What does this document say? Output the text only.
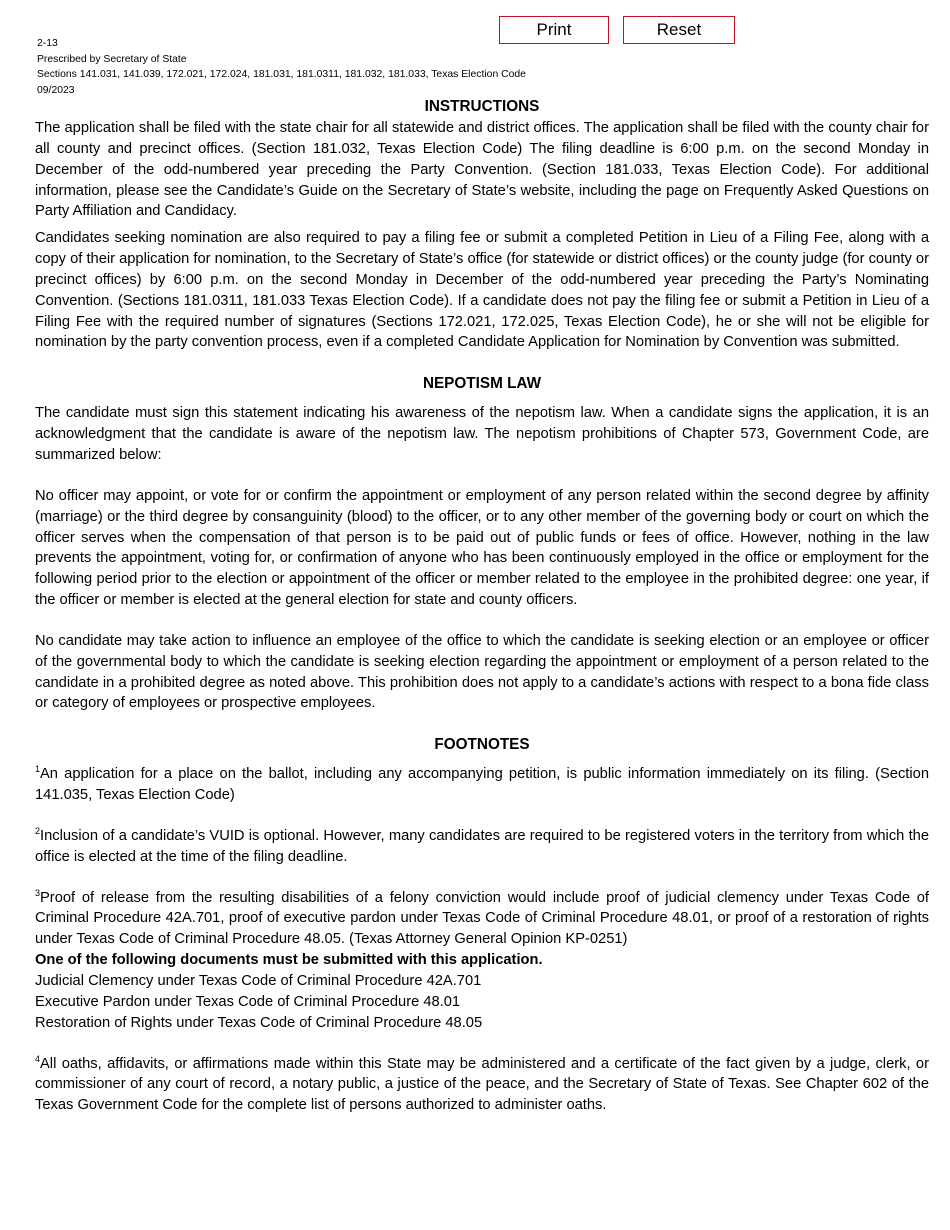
2-13
Prescribed by Secretary of State
Sections 141.031, 141.039, 172.021, 172.024, 181.031, 181.0311, 181.032, 181.033, Texas Election Code
09/2023
Print	Reset
INSTRUCTIONS

The application shall be filed with the state chair for all statewide and district offices. The application shall be filed with the county chair for all county and precinct offices. (Section 181.032, Texas Election Code) The filing deadline is 6:00 p.m. on the second Monday in December of the odd-numbered year preceding the Party Convention. (Section 181.033, Texas Election Code). For additional information, please see the Candidate’s Guide on the Secretary of State’s website, including the page on Frequently Asked Questions on Party Affiliation and Candidacy.

Candidates seeking nomination are also required to pay a filing fee or submit a completed Petition in Lieu of a Filing Fee, along with a copy of their application for nomination, to the Secretary of State’s office (for statewide or district offices) or the county judge (for county or precinct offices) by 6:00 p.m. on the second Monday in December of the odd-numbered year preceding the Party’s Nominating Convention. (Sections 181.0311, 181.033 Texas Election Code). If a candidate does not pay the filing fee or submit a Petition in Lieu of a Filing Fee with the required number of signatures (Sections 172.021, 172.025, Texas Election Code), he or she will not be eligible for nomination by the party convention process, even if a completed Candidate Application for Nomination by Convention was submitted.

NEPOTISM LAW

The candidate must sign this statement indicating his awareness of the nepotism law. When a candidate signs the application, it is an acknowledgment that the candidate is aware of the nepotism law. The nepotism prohibitions of Chapter 573, Government Code, are summarized below:

No officer may appoint, or vote for or confirm the appointment or employment of any person related within the second degree by affinity (marriage) or the third degree by consanguinity (blood) to the officer, or to any other member of the governing body or court on which the officer serves when the compensation of that person is to be paid out of public funds or fees of office. However, nothing in the law prevents the appointment, voting for, or confirmation of anyone who has been continuously employed in the office or employment for the following period prior to the election or appointment of the officer or member related to the employee in the prohibited degree: one year, if the officer or member is elected at the general election for state and county officers.

No candidate may take action to influence an employee of the office to which the candidate is seeking election or an employee or officer of the governmental body to which the candidate is seeking election regarding the appointment or employment of a person related to the candidate in a prohibited degree as noted above. This prohibition does not apply to a candidate’s actions with respect to a bona fide class or category of employees or prospective employees.

FOOTNOTES

$^1$An application for a place on the ballot, including any accompanying petition, is public information immediately on its filing. (Section 141.035, Texas Election Code)

$^2$Inclusion of a candidate’s VUID is optional. However, many candidates are required to be registered voters in the territory from which the office is elected at the time of the filing deadline.

$^3$Proof of release from the resulting disabilities of a felony conviction would include proof of judicial clemency under Texas Code of Criminal Procedure 42A.701, proof of executive pardon under Texas Code of Criminal Procedure 48.01, or proof of a restoration of rights under Texas Code of Criminal Procedure 48.05. (Texas Attorney General Opinion KP-0251)

One of the following documents must be submitted with this application.
Judicial Clemency under Texas Code of Criminal Procedure 42A.701
Executive Pardon under Texas Code of Criminal Procedure 48.01
Restoration of Rights under Texas Code of Criminal Procedure 48.05

$^4$All oaths, affidavits, or affirmations made within this State may be administered and a certificate of the fact given by a judge, clerk, or commissioner of any court of record, a notary public, a justice of the peace, and the Secretary of State of Texas. See Chapter 602 of the Texas Government Code for the complete list of persons authorized to administer oaths.
